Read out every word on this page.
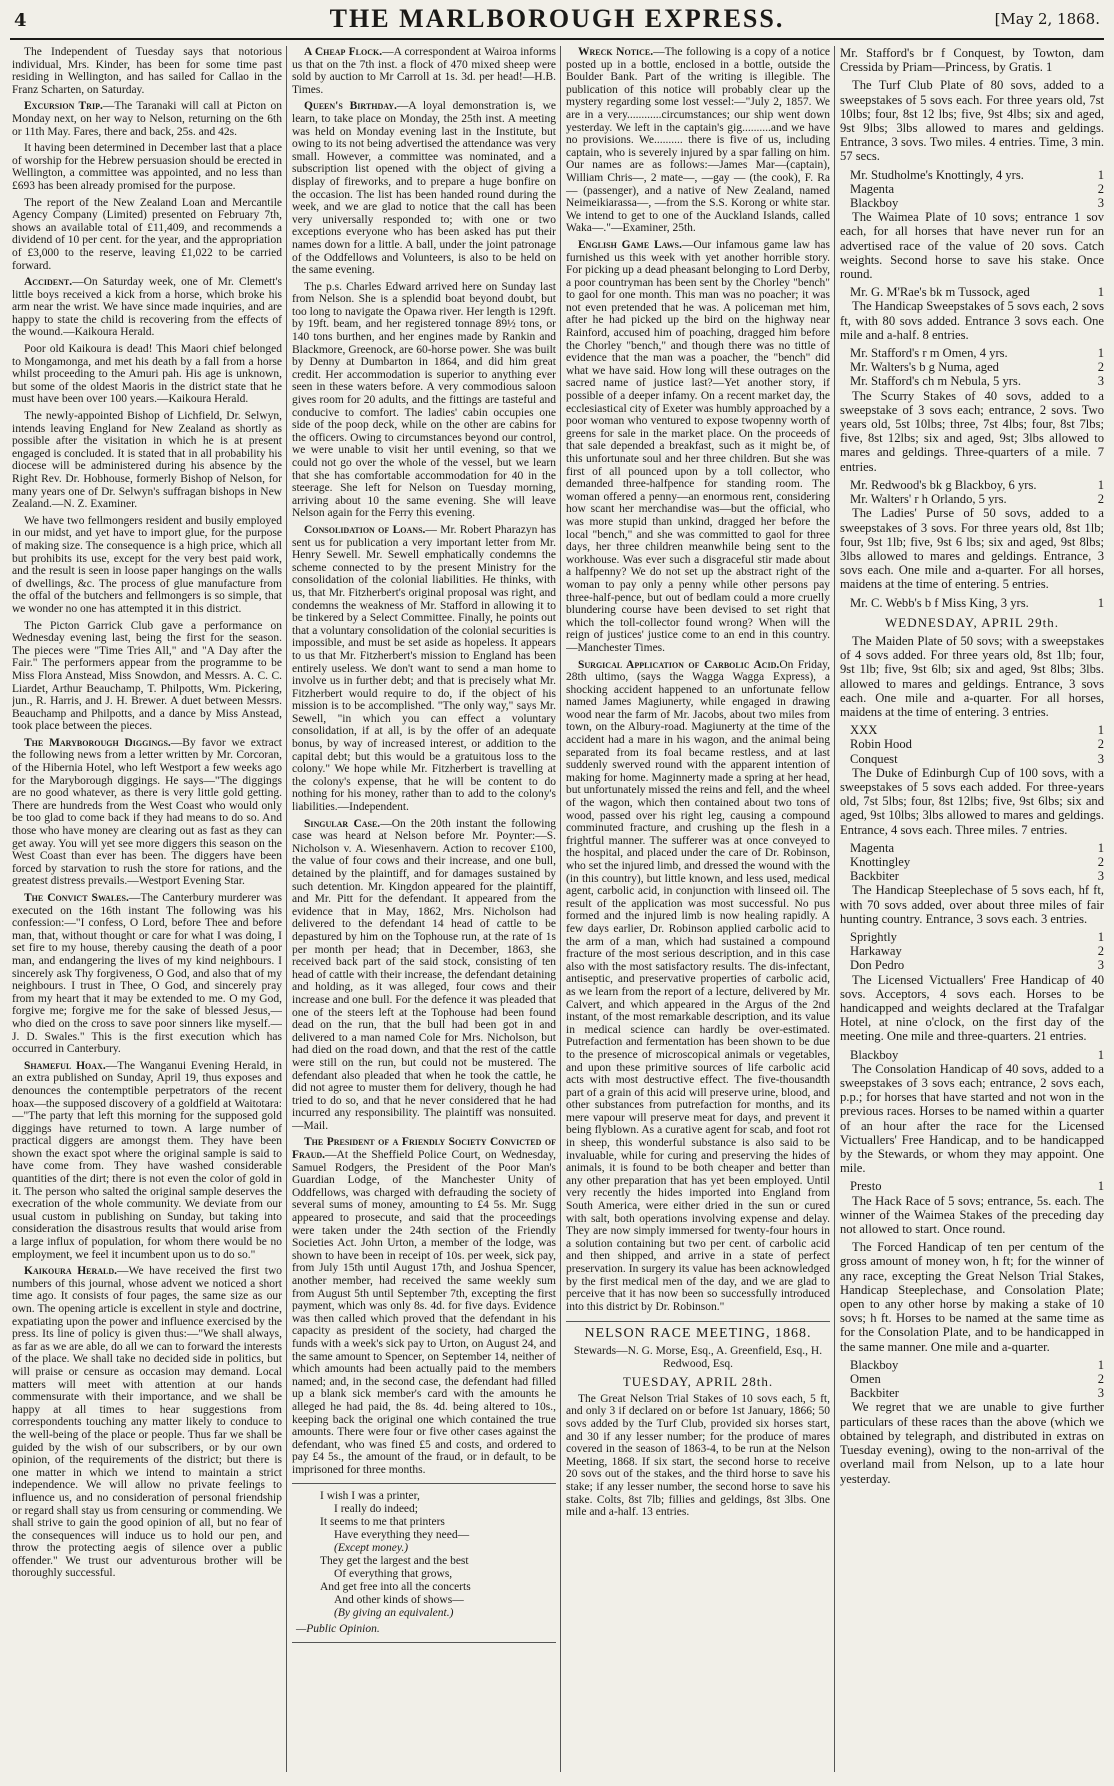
4	THE MARLBOROUGH EXPRESS.	[May 2, 1868.

The Independent of Tuesday says that notorious individual, Mrs. Kinder, has been for some time past residing in Wellington, and has sailed for Callao in the Franz Scharten, on Saturday.

Excursion Trip.—The Taranaki will call at Picton on Monday next, on her way to Nelson, returning on the 6th or 11th May. Fares, there and back, 25s. and 42s.

It having been determined in December last that a place of worship for the Hebrew persuasion should be erected in Wellington, a committee was appointed, and no less than £693 has been already promised for the purpose.

The report of the New Zealand Loan and Mercantile Agency Company (Limited) presented on February 7th, shows an available total of £11,409, and recommends a dividend of 10 per cent. for the year, and the appropriation of £3,000 to the reserve, leaving £1,022 to be carried forward.

Accident.—On Saturday week, one of Mr. Clemett's little boys received a kick from a horse, which broke his arm near the wrist. We have since made inquiries, and are happy to state the child is recovering from the effects of the wound.—Kaikoura Herald.

Poor old Kaikoura is dead! This Maori chief belonged to Mongamonga, and met his death by a fall from a horse whilst proceeding to the Amuri pah. His age is unknown, but some of the oldest Maoris in the district state that he must have been over 100 years.—Kaikoura Herald.

The newly-appointed Bishop of Lichfield, Dr. Selwyn, intends leaving England for New Zealand as shortly as possible after the visitation in which he is at present engaged is concluded. It is stated that in all probability his diocese will be administered during his absence by the Right Rev. Dr. Hobhouse, formerly Bishop of Nelson, for many years one of Dr. Selwyn's suffragan bishops in New Zealand.—N. Z. Examiner.

We have two fellmongers resident and busily employed in our midst, and yet have to import glue, for the purpose of making size. The consequence is a high price, which all but prohibits its use, except for the very best paid work, and the result is seen in loose paper hangings on the walls of dwellings, &c. The process of glue manufacture from the offal of the butchers and fellmongers is so simple, that we wonder no one has attempted it in this district.

The Picton Garrick Club gave a performance on Wednesday evening last, being the first for the season. The pieces were "Time Tries All," and "A Day after the Fair." The performers appear from the programme to be Miss Flora Anstead, Miss Snowdon, and Messrs. A. C. C. Liardet, Arthur Beauchamp, T. Philpotts, Wm. Pickering, jun., R. Harris, and J. H. Brewer. A duet between Messrs. Beauchamp and Philpotts, and a dance by Miss Anstead, took place between the pieces.

The Maryborough Diggings.—By favor we extract the following news from a letter written by Mr. Corcoran, of the Hibernia Hotel, who left Westport a few weeks ago for the Maryborough diggings. He says—"The diggings are no good whatever, as there is very little gold getting. There are hundreds from the West Coast who would only be too glad to come back if they had means to do so. And those who have money are clearing out as fast as they can get away. You will yet see more diggers this season on the West Coast than ever has been. The diggers have been forced by starvation to rush the store for rations, and the greatest distress prevails.—Westport Evening Star.

The Convict Swales.—The Canterbury murderer was executed on the 16th instant The following was his confession:—"I confess, O Lord, before Thee and before man, that, without thought or care for what I was doing, I set fire to my house, thereby causing the death of a poor man, and endangering the lives of my kind neighbours. I sincerely ask Thy forgiveness, O God, and also that of my neighbours. I trust in Thee, O God, and sincerely pray from my heart that it may be extended to me. O my God, forgive me; forgive me for the sake of blessed Jesus,—who died on the cross to save poor sinners like myself.—J. D. Swales." This is the first execution which has occurred in Canterbury.

Shameful Hoax.—The Wanganui Evening Herald, in an extra published on Sunday, April 19, thus exposes and denounces the contemptible perpetrators of the recent hoax—the supposed discovery of a goldfield at Waitotara:—"The party that left this morning for the supposed gold diggings have returned to town. A large number of practical diggers are amongst them. They have been shown the exact spot where the original sample is said to have come from. They have washed considerable quantities of the dirt; there is not even the color of gold in it. The person who salted the original sample deserves the execration of the whole community. We deviate from our usual custom in publishing on Sunday, but taking into consideration the disastrous results that would arise from a large influx of population, for whom there would be no employment, we feel it incumbent upon us to do so."

Kaikoura Herald.—We have received the first two numbers of this journal, whose advent we noticed a short time ago. It consists of four pages, the same size as our own. The opening article is excellent in style and doctrine, expatiating upon the power and influence exercised by the press. Its line of policy is given thus:—"We shall always, as far as we are able, do all we can to forward the interests of the place. We shall take no decided side in politics, but will praise or censure as occasion may demand. Local matters will meet with attention at our hands commensurate with their importance, and we shall be happy at all times to hear suggestions from correspondents touching any matter likely to conduce to the well-being of the place or people. Thus far we shall be guided by the wish of our subscribers, or by our own opinion, of the requirements of the district; but there is one matter in which we intend to maintain a strict independence. We will allow no private feelings to influence us, and no consideration of personal friendship or regard shall stay us from censuring or commending. We shall strive to gain the good opinion of all, but no fear of the consequences will induce us to hold our pen, and throw the protecting aegis of silence over a public offender." We trust our adventurous brother will be thoroughly successful.

A Cheap Flock.—A correspondent at Wairoa informs us that on the 7th inst. a flock of 470 mixed sheep were sold by auction to Mr Carroll at 1s. 3d. per head!—H.B. Times.

Queen's Birthday.—A loyal demonstration is, we learn, to take place on Monday, the 25th inst. A meeting was held on Monday evening last in the Institute, but owing to its not being advertised the attendance was very small. However, a committee was nominated, and a subscription list opened with the object of giving a display of fireworks, and to prepare a huge bonfire on the occasion. The list has been handed round during the week, and we are glad to notice that the call has been very universally responded to; with one or two exceptions everyone who has been asked has put their names down for a little. A ball, under the joint patronage of the Oddfellows and Volunteers, is also to be held on the same evening.

The p.s. Charles Edward arrived here on Sunday last from Nelson. She is a splendid boat beyond doubt, but too long to navigate the Opawa river. Her length is 129ft. by 19ft. beam, and her registered tonnage 89½ tons, or 140 tons burthen, and her engines made by Rankin and Blackmore, Greenock, are 60-horse power. She was built by Denny at Dumbarton in 1864, and did him great credit. Her accommodation is superior to anything ever seen in these waters before. A very commodious saloon gives room for 20 adults, and the fittings are tasteful and conducive to comfort. The ladies' cabin occupies one side of the poop deck, while on the other are cabins for the officers. Owing to circumstances beyond our control, we were unable to visit her until evening, so that we could not go over the whole of the vessel, but we learn that she has comfortable accommodation for 40 in the steerage. She left for Nelson on Tuesday morning, arriving about 10 the same evening. She will leave Nelson again for the Ferry this evening.

Consolidation of Loans.— Mr. Robert Pharazyn has sent us for publication a very important letter from Mr. Henry Sewell. Mr. Sewell emphatically condemns the scheme connected to by the present Ministry for the consolidation of the colonial liabilities. He thinks, with us, that Mr. Fitzherbert's original proposal was right, and condemns the weakness of Mr. Stafford in allowing it to be tinkered by a Select Committee. Finally, he points out that a voluntary consolidation of the colonial securities is impossible, and must be set aside as hopeless. It appears to us that Mr. Fitzherbert's mission to England has been entirely useless. We don't want to send a man home to involve us in further debt; and that is precisely what Mr. Fitzherbert would require to do, if the object of his mission is to be accomplished. "The only way," says Mr. Sewell, "in which you can effect a voluntary consolidation, if at all, is by the offer of an adequate bonus, by way of increased interest, or addition to the capital debt; but this would be a gratuitous loss to the colony." We hope while Mr. Fitzherbert is travelling at the colony's expense, that he will be content to do nothing for his money, rather than to add to the colony's liabilities.—Independent.

Singular Case.—On the 20th instant the following case was heard at Nelson before Mr. Poynter:—S. Nicholson v. A. Wiesenhavern. Action to recover £100, the value of four cows and their increase, and one bull, detained by the plaintiff, and for damages sustained by such detention. Mr. Kingdon appeared for the plaintiff, and Mr. Pitt for the defendant. It appeared from the evidence that in May, 1862, Mrs. Nicholson had delivered to the defendant 14 head of cattle to be depastured by him on the Tophouse run, at the rate of 1s per month per head; that in December, 1863, she received back part of the said stock, consisting of ten head of cattle with their increase, the defendant detaining and holding, as it was alleged, four cows and their increase and one bull. For the defence it was pleaded that one of the steers left at the Tophouse had been found dead on the run, that the bull had been got in and delivered to a man named Cole for Mrs. Nicholson, but had died on the road down, and that the rest of the cattle were still on the run, but could not be mustered. The defendant also pleaded that when he took the cattle, he did not agree to muster them for delivery, though he had tried to do so, and that he never considered that he had incurred any responsibility. The plaintiff was nonsuited.—Mail.

The President of a Friendly Society Convicted of Fraud.—At the Sheffield Police Court, on Wednesday, Samuel Rodgers, the President of the Poor Man's Guardian Lodge, of the Manchester Unity of Oddfellows, was charged with defrauding the society of several sums of money, amounting to £4 5s. Mr. Sugg appeared to prosecute, and said that the proceedings were taken under the 24th section of the Friendly Societies Act. John Urton, a member of the lodge, was shown to have been in receipt of 10s. per week, sick pay, from July 15th until August 17th, and Joshua Spencer, another member, had received the same weekly sum from August 5th until September 7th, excepting the first payment, which was only 8s. 4d. for five days. Evidence was then called which proved that the defendant in his capacity as president of the society, had charged the funds with a week's sick pay to Urton, on August 24, and the same amount to Spencer, on September 14, neither of which amounts had been actually paid to the members named; and, in the second case, the defendant had filled up a blank sick member's card with the amounts he alleged he had paid, the 8s. 4d. being altered to 10s., keeping back the original one which contained the true amounts. There were four or five other cases against the defendant, who was fined £5 and costs, and ordered to pay £4 5s., the amount of the fraud, or in default, to be imprisoned for three months.

I wish I was a printer,
I really do indeed;
It seems to me that printers
Have everything they need—
(Except money.)
They get the largest and the best
Of everything that grows,
And get free into all the concerts
And other kinds of shows—
(By giving an equivalent.)
—Public Opinion.

Wreck Notice.—The following is a copy of a notice posted up in a bottle, enclosed in a bottle, outside the Boulder Bank. Part of the writing is illegible. The publication of this notice will probably clear up the mystery regarding some lost vessel:—"July 2, 1857. We are in a very............circumstances; our ship went down yesterday. We left in the captain's gig..........and we have no provisions. We.......... there is five of us, including captain, who is severely injured by a spar falling on him. Our names are as follows:—James Mar—(captain), William Chris—, 2 mate—, —gay — (the cook), F. Ra— (passenger), and a native of New Zealand, named Neimeikiarassa—, —from the S.S. Korong or white star. We intend to get to one of the Auckland Islands, called Waka—."—Examiner, 25th.

English Game Laws.—Our infamous game law has furnished us this week with yet another horrible story. For picking up a dead pheasant belonging to Lord Derby, a poor countryman has been sent by the Chorley "bench" to gaol for one month. This man was no poacher; it was not even pretended that he was. A policeman met him, after he had picked up the bird on the highway near Rainford, accused him of poaching, dragged him before the Chorley "bench," and though there was no tittle of evidence that the man was a poacher, the "bench" did what we have said. How long will these outrages on the sacred name of justice last?—Yet another story, if possible of a deeper infamy. On a recent market day, the ecclesiastical city of Exeter was humbly approached by a poor woman who ventured to expose twopenny worth of greens for sale in the market place. On the proceeds of that sale depended a breakfast, such as it might be, of this unfortunate soul and her three children. But she was first of all pounced upon by a toll collector, who demanded three-halfpence for standing room. The woman offered a penny—an enormous rent, considering how scant her merchandise was—but the official, who was more stupid than unkind, dragged her before the local "bench," and she was committed to gaol for three days, her three children meanwhile being sent to the workhouse. Was ever such a disgraceful stir made about a halfpenny? We do not set up the abstract right of the woman to pay only a penny while other persons pay three-half-pence, but out of bedlam could a more cruelly blundering course have been devised to set right that which the toll-collector found wrong? When will the reign of justices' justice come to an end in this country.—Manchester Times.

Surgical Application of Carbolic Acid.On Friday, 28th ultimo, (says the Wagga Wagga Express), a shocking accident happened to an unfortunate fellow named James Magiunerty, while engaged in drawing wood near the farm of Mr. Jacobs, about two miles from town, on the Albury-road. Magiunerty at the time of the accident had a mare in his wagon, and the animal being separated from its foal became restless, and at last suddenly swerved round with the apparent intention of making for home. Maginnerty made a spring at her head, but unfortunately missed the reins and fell, and the wheel of the wagon, which then contained about two tons of wood, passed over his right leg, causing a compound comminuted fracture, and crushing up the flesh in a frightful manner. The sufferer was at once conveyed to the hospital, and placed under the care of Dr. Robinson, who set the injured limb, and dressed the wound with the (in this country), but little known, and less used, medical agent, carbolic acid, in conjunction with linseed oil. The result of the application was most successful. No pus formed and the injured limb is now healing rapidly. A few days earlier, Dr. Robinson applied carbolic acid to the arm of a man, which had sustained a compound fracture of the most serious description, and in this case also with the most satisfactory results. The dis-infectant, antiseptic, and preservative properties of carbolic acid, as we learn from the report of a lecture, delivered by Mr. Calvert, and which appeared in the Argus of the 2nd instant, of the most remarkable description, and its value in medical science can hardly be over-estimated. Putrefaction and fermentation has been shown to be due to the presence of microscopical animals or vegetables, and upon these primitive sources of life carbolic acid acts with most destructive effect. The five-thousandth part of a grain of this acid will preserve urine, blood, and other substances from putrefaction for months, and its mere vapour will preserve meat for days, and prevent it being flyblown. As a curative agent for scab, and foot rot in sheep, this wonderful substance is also said to be invaluable, while for curing and preserving the hides of animals, it is found to be both cheaper and better than any other preparation that has yet been employed. Until very recently the hides imported into England from South America, were either dried in the sun or cured with salt, both operations involving expense and delay. They are now simply immersed for twenty-four hours in a solution containing but two per cent. of carbolic acid and then shipped, and arrive in a state of perfect preservation. In surgery its value has been acknowledged by the first medical men of the day, and we are glad to perceive that it has now been so successfully introduced into this district by Dr. Robinson."

NELSON RACE MEETING, 1868.
Stewards—N. G. Morse, Esq., A. Greenfield, Esq., H. Redwood, Esq.
TUESDAY, APRIL 28th.

The Great Nelson Trial Stakes of 10 sovs each, 5 ft, and only 3 if declared on or before 1st January, 1866; 50 sovs added by the Turf Club, provided six horses start, and 30 if any lesser number; for the produce of mares covered in the season of 1863-4, to be run at the Nelson Meeting, 1868. If six start, the second horse to receive 20 sovs out of the stakes, and the third horse to save his stake; if any lesser number, the second horse to save his stake. Colts, 8st 7lb; fillies and geldings, 8st 3lbs. One mile and a-half. 13 entries.

Mr. Stafford's br f Conquest, by Towton, dam Cressida by Priam—Princess, by Gratis. 1

The Turf Club Plate of 80 sovs, added to a sweepstakes of 5 sovs each. For three years old, 7st 10lbs; four, 8st 12 lbs; five, 9st 4lbs; six and aged, 9st 9lbs; 3lbs allowed to mares and geldings. Entrance, 3 sovs. Two miles. 4 entries. Time, 3 min. 57 secs.

Mr. Studholme's Knottingly, 4 yrs.	1
Magenta	2
Blackboy	3

The Waimea Plate of 10 sovs; entrance 1 sov each, for all horses that have never run for an advertised race of the value of 20 sovs. Catch weights. Second horse to save his stake. Once round.

Mr. G. M'Rae's bk m Tussock, aged	1

The Handicap Sweepstakes of 5 sovs each, 2 sovs ft, with 80 sovs added. Entrance 3 sovs each. One mile and a-half. 8 entries.

Mr. Stafford's r m Omen, 4 yrs.	1
Mr. Walters's b g Numa, aged	2
Mr. Stafford's ch m Nebula, 5 yrs.	3

The Scurry Stakes of 40 sovs, added to a sweepstake of 3 sovs each; entrance, 2 sovs. Two years old, 5st 10lbs; three, 7st 4lbs; four, 8st 7lbs; five, 8st 12lbs; six and aged, 9st; 3lbs allowed to mares and geldings. Three-quarters of a mile. 7 entries.

Mr. Redwood's bk g Blackboy, 6 yrs.	1
Mr. Walters' r h Orlando, 5 yrs.	2

The Ladies' Purse of 50 sovs, added to a sweepstakes of 3 sovs. For three years old, 8st 1lb; four, 9st 1lb; five, 9st 6 lbs; six and aged, 9st 8lbs; 3lbs allowed to mares and geldings. Entrance, 3 sovs each. One mile and a-quarter. For all horses, maidens at the time of entering. 5 entries.

Mr. C. Webb's b f Miss King, 3 yrs.	1
WEDNESDAY, APRIL 29th.

The Maiden Plate of 50 sovs; with a sweepstakes of 4 sovs added. For three years old, 8st 1lb; four, 9st 1lb; five, 9st 6lb; six and aged, 9st 8lbs; 3lbs. allowed to mares and geldings. Entrance, 3 sovs each. One mile and a-quarter. For all horses, maidens at the time of entering. 3 entries.

XXX	1
Robin Hood	2
Conquest	3

The Duke of Edinburgh Cup of 100 sovs, with a sweepstakes of 5 sovs each added. For three-years old, 7st 5lbs; four, 8st 12lbs; five, 9st 6lbs; six and aged, 9st 10lbs; 3lbs allowed to mares and geldings. Entrance, 4 sovs each. Three miles. 7 entries.

Magenta	1
Knottingley	2
Backbiter	3

The Handicap Steeplechase of 5 sovs each, hf ft, with 70 sovs added, over about three miles of fair hunting country. Entrance, 3 sovs each. 3 entries.

Sprightly	1
Harkaway	2
Don Pedro	3

The Licensed Victuallers' Free Handicap of 40 sovs. Acceptors, 4 sovs each. Horses to be handicapped and weights declared at the Trafalgar Hotel, at nine o'clock, on the first day of the meeting. One mile and three-quarters. 21 entries.

Blackboy	1

The Consolation Handicap of 40 sovs, added to a sweepstakes of 3 sovs each; entrance, 2 sovs each, p.p.; for horses that have started and not won in the previous races. Horses to be named within a quarter of an hour after the race for the Licensed Victuallers' Free Handicap, and to be handicapped by the Stewards, or whom they may appoint. One mile.

Presto	1

The Hack Race of 5 sovs; entrance, 5s. each. The winner of the Waimea Stakes of the preceding day not allowed to start. Once round.

The Forced Handicap of ten per centum of the gross amount of money won, h ft; for the winner of any race, excepting the Great Nelson Trial Stakes, Handicap Steeplechase, and Consolation Plate; open to any other horse by making a stake of 10 sovs; h ft. Horses to be named at the same time as for the Consolation Plate, and to be handicapped in the same manner. One mile and a-quarter.

Blackboy	1
Omen	2
Backbiter	3

We regret that we are unable to give further particulars of these races than the above (which we obtained by telegraph, and distributed in extras on Tuesday evening), owing to the non-arrival of the overland mail from Nelson, up to a late hour yesterday.
